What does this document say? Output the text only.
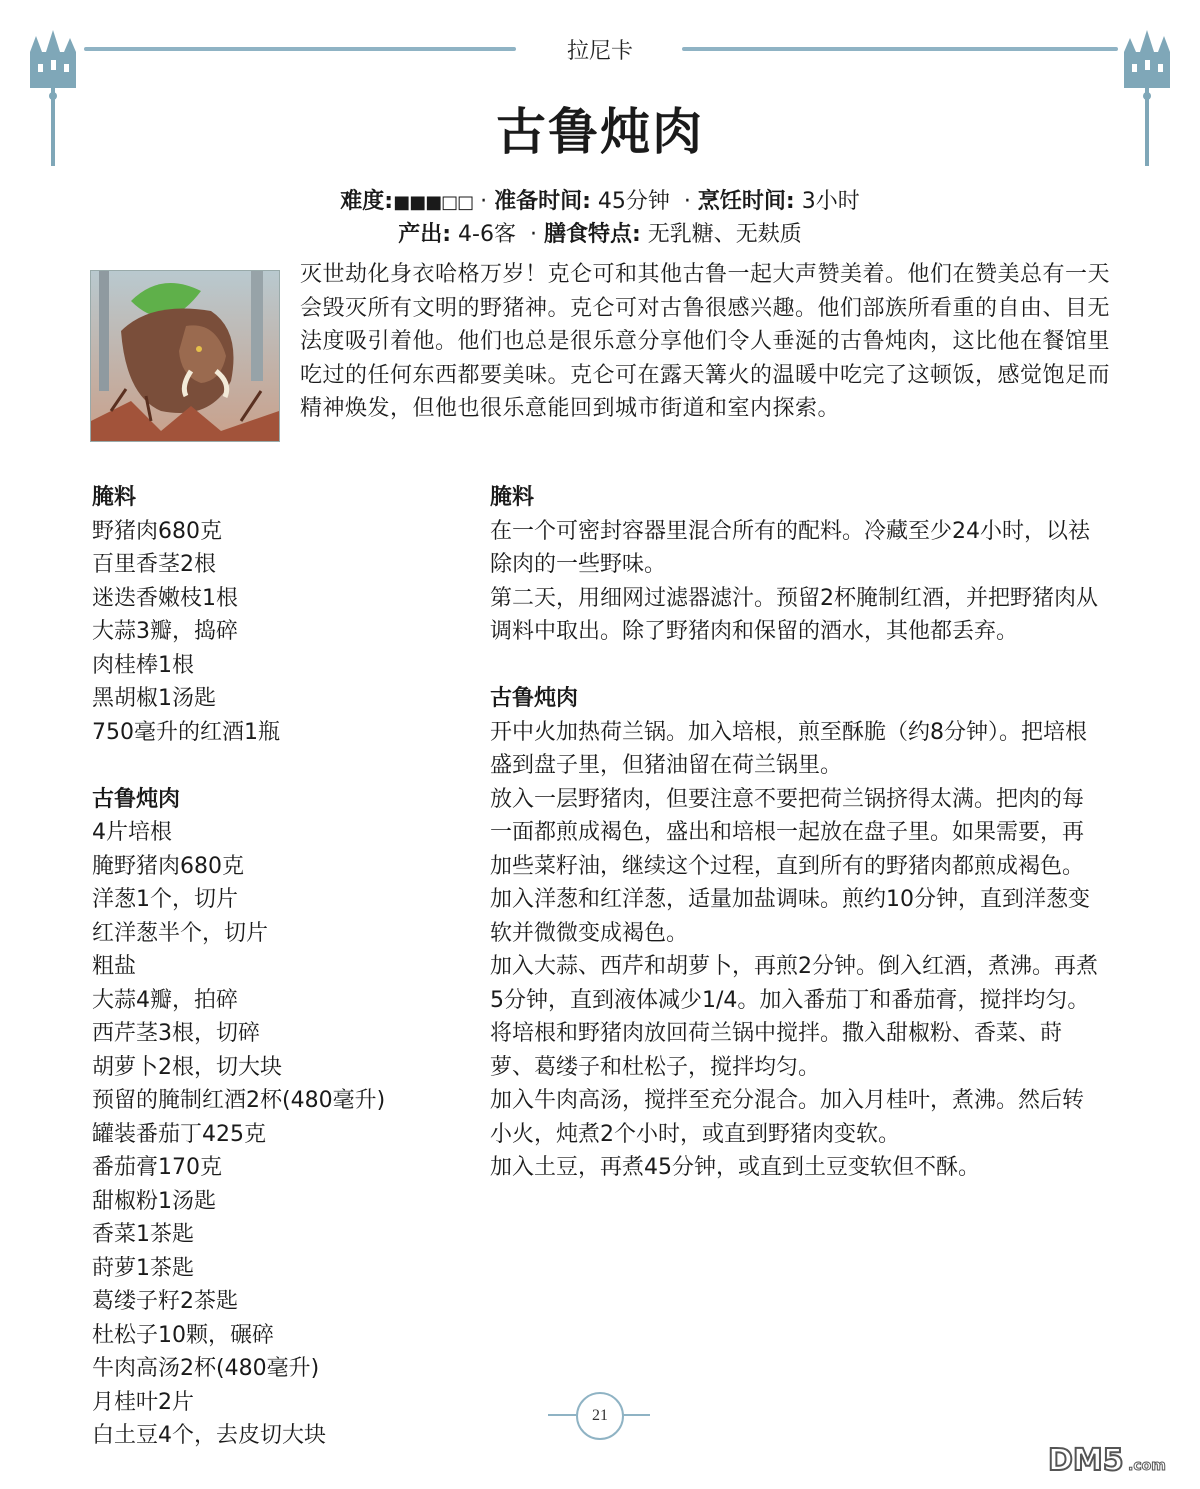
拉尼卡
古鲁炖肉
难度:■■■□□ · 准备时间: 45分钟  · 烹饪时间: 3小时
产出: 4-6客  · 膳食特点: 无乳糖、无麸质
灭世劫化身衣哈格万岁！克仑可和其他古鲁一起大声赞美着。他们在赞美总有一天会毁灭所有文明的野猪神。克仑可对古鲁很感兴趣。他们部族所看重的自由、目无法度吸引着他。他们也总是很乐意分享他们令人垂涎的古鲁炖肉，这比他在餐馆里吃过的任何东西都要美味。克仑可在露天篝火的温暖中吃完了这顿饭，感觉饱足而精神焕发，但他也很乐意能回到城市街道和室内探索。
腌料
野猪肉680克
百里香茎2根
迷迭香嫩枝1根
大蒜3瓣，捣碎
肉桂棒1根
黑胡椒1汤匙
750毫升的红酒1瓶
古鲁炖肉
4片培根
腌野猪肉680克
洋葱1个，切片
红洋葱半个，切片
粗盐
大蒜4瓣，拍碎
西芹茎3根，切碎
胡萝卜2根，切大块
预留的腌制红酒2杯(480毫升)
罐装番茄丁425克
番茄膏170克
甜椒粉1汤匙
香菜1茶匙
莳萝1茶匙
葛缕子籽2茶匙
杜松子10颗，碾碎
牛肉高汤2杯(480毫升)
月桂叶2片
白土豆4个，去皮切大块
腌料
在一个可密封容器里混合所有的配料。冷藏至少24小时，以祛除肉的一些野味。
第二天，用细网过滤器滤汁。预留2杯腌制红酒，并把野猪肉从调料中取出。除了野猪肉和保留的酒水，其他都丢弃。
古鲁炖肉
开中火加热荷兰锅。加入培根，煎至酥脆（约8分钟）。把培根盛到盘子里，但猪油留在荷兰锅里。
放入一层野猪肉，但要注意不要把荷兰锅挤得太满。把肉的每一面都煎成褐色，盛出和培根一起放在盘子里。如果需要，再加些菜籽油，继续这个过程，直到所有的野猪肉都煎成褐色。
加入洋葱和红洋葱，适量加盐调味。煎约10分钟，直到洋葱变软并微微变成褐色。
加入大蒜、西芹和胡萝卜，再煎2分钟。倒入红酒，煮沸。再煮5分钟，直到液体减少1/4。加入番茄丁和番茄膏，搅拌均匀。
将培根和野猪肉放回荷兰锅中搅拌。撒入甜椒粉、香菜、莳萝、葛缕子和杜松子，搅拌均匀。
加入牛肉高汤，搅拌至充分混合。加入月桂叶，煮沸。然后转小火，炖煮2个小时，或直到野猪肉变软。
加入土豆，再煮45分钟，或直到土豆变软但不酥。
21
DM5 .com
